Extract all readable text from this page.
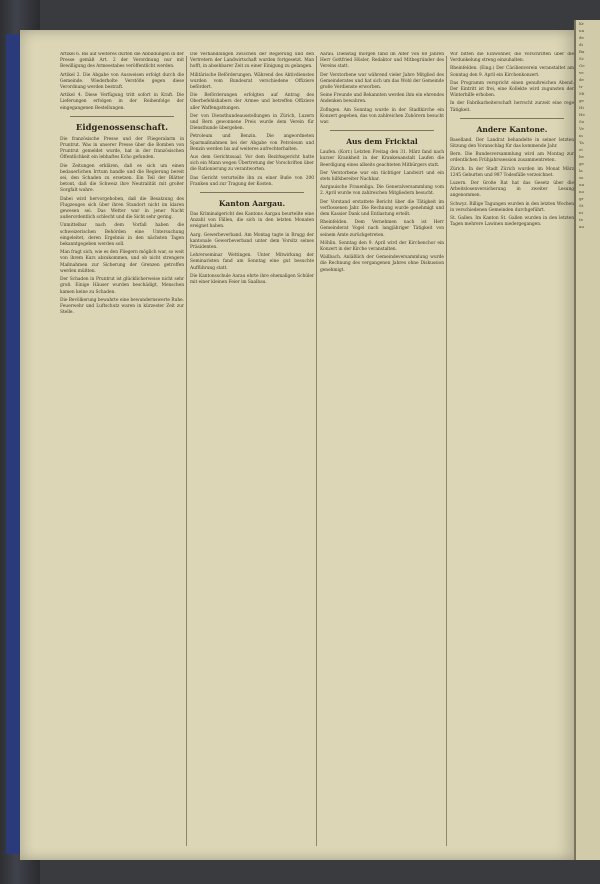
Kr
un
de
di
Ba
Sc
Ge
ve
de
tr
Mi
ge
Hi
He
So
Ve
in
Ta
ei
be
ge
la
so
un
no
gr
St
ni
te
au

Artikel 6. Bis auf weiteres dürfen die Abbildungen in der Presse gemäß Art. 2 der Verordnung nur mit Bewilligung des Armeestabes veröffentlicht werden.

Artikel 2. Die Abgabe von Ausweisen erfolgt durch die Gemeinde. Wiederholte Verstöße gegen diese Verordnung werden bestraft.

Artikel 4. Diese Verfügung tritt sofort in Kraft. Die Lieferungen erfolgen in der Reihenfolge der eingegangenen Bestellungen.

Eidgenossenschaft.

Die französische Presse und der Fliegeralarm in Pruntrut. Was in unserer Presse über die Bomben von Pruntrut gemeldet wurde, hat in der französischen Öffentlichkeit ein lebhaftes Echo gefunden.

Die Zeitungen erklären, daß es sich um einen bedauerlichen Irrtum handle und die Regierung bereit sei, den Schaden zu ersetzen. Ein Teil der Blätter betont, daß die Schweiz ihre Neutralität mit großer Sorgfalt wahre.

Dabei wird hervorgehoben, daß die Besatzung des Flugzeuges sich über ihren Standort nicht im klaren gewesen sei. Das Wetter war in jener Nacht außerordentlich schlecht und die Sicht sehr gering.

Unmittelbar nach dem Vorfall haben die schweizerischen Behörden eine Untersuchung eingeleitet, deren Ergebnis in den nächsten Tagen bekanntgegeben werden soll.

Man fragt sich, wie es den Fliegern möglich war, so weit von ihrem Kurs abzukommen, und ob nicht strengere Maßnahmen zur Sicherung der Grenzen getroffen werden müßten.

Der Schaden in Pruntrut ist glücklicherweise nicht sehr groß. Einige Häuser wurden beschädigt, Menschen kamen keine zu Schaden.

Die Bevölkerung bewahrte eine bewundernswerte Ruhe. Feuerwehr und Luftschutz waren in kürzester Zeit zur Stelle.

Die Verhandlungen zwischen der Regierung und den Vertretern der Landwirtschaft wurden fortgesetzt. Man hofft, in absehbarer Zeit zu einer Einigung zu gelangen.

Militärische Beförderungen. Während des Aktivdienstes wurden vom Bundesrat verschiedene Offiziere befördert.

Die Beförderungen erfolgten auf Antrag des Oberbefehlshabers der Armee und betreffen Offiziere aller Waffengattungen.

Der von Diensthundeausstellungen in Zürich, Luzern und Bern gewonnene Preis wurde dem Verein für Diensthunde übergeben.

Petroleum und Benzin. Die angeordneten Sparmaßnahmen bei der Abgabe von Petroleum und Benzin werden bis auf weiteres aufrechterhalten.

Aus dem Gerichtssaal. Vor dem Bezirksgericht hatte sich ein Mann wegen Übertretung der Vorschriften über die Rationierung zu verantworten.

Das Gericht verurteilte ihn zu einer Buße von 200 Franken und zur Tragung der Kosten.

Kanton Aargau.

Das Kriminalgericht des Kantons Aargau beurteilte eine Anzahl von Fällen, die sich in den letzten Monaten ereignet haben.

Aarg. Gewerbeverband. Am Montag tagte in Brugg der kantonale Gewerbeverband unter dem Vorsitz seines Präsidenten.

Lehrerseminar Wettingen. Unter Mitwirkung der Seminaristen fand am Sonntag eine gut besuchte Aufführung statt.

Die Kantonsschule Aarau ehrte ihre ehemaligen Schüler mit einer kleinen Feier im Saalbau.

Aarau. Dienstag morgen fand im Alter von 68 Jahren Herr Gottfried Hüsler, Redaktor und Mitbegründer des Vereins statt.

Der Verstorbene war während vieler Jahre Mitglied des Gemeinderates und hat sich um das Wohl der Gemeinde große Verdienste erworben.

Seine Freunde und Bekannten werden ihm ein ehrendes Andenken bewahren.

Zofingen. Am Sonntag wurde in der Stadtkirche ein Konzert gegeben, das von zahlreichen Zuhörern besucht war.

Aus dem Fricktal

Laufen. (Korr.) Letzten Freitag den 31. März fand nach kurzer Krankheit in der Krankenanstalt Laufen die Beerdigung eines allseits geachteten Mitbürgers statt.

Der Verstorbene war ein tüchtiger Landwirt und ein stets hilfsbereiter Nachbar.

Aargauische Frauenliga. Die Generalversammlung vom 2. April wurde von zahlreichen Mitgliedern besucht.

Der Vorstand erstattete Bericht über die Tätigkeit im verflossenen Jahr. Die Rechnung wurde genehmigt und dem Kassier Dank und Entlastung erteilt.

Rheinfelden. Dem Vernehmen nach ist Herr Gemeinderat Vogel nach langjähriger Tätigkeit von seinem Amte zurückgetreten.

Möhlin. Sonntag den 9. April wird der Kirchenchor ein Konzert in der Kirche veranstalten.

Wallbach. Anläßlich der Gemeindeversammlung wurde die Rechnung des vergangenen Jahres ohne Diskussion genehmigt.

Wir bitten die Einwohner, die Vorschriften über die Verdunkelung streng einzuhalten.

Rheinfelden. (Eing.) Der Cäcilienverein veranstaltet am Sonntag den 9. April ein Kirchenkonzert.

Das Programm verspricht einen genußreichen Abend. Der Eintritt ist frei, eine Kollekte wird zugunsten der Winterhilfe erhoben.

In der Fabrikarbeiterschaft herrscht zurzeit eine rege Tätigkeit.

Andere Kantone.

Baselland. Der Landrat behandelte in seiner letzten Sitzung den Voranschlag für das kommende Jahr.

Bern. Die Bundesversammlung wird am Montag zur ordentlichen Frühjahrssession zusammentreten.

Zürich. In der Stadt Zürich wurden im Monat März 1245 Geburten und 987 Todesfälle verzeichnet.

Luzern. Der Große Rat hat das Gesetz über die Arbeitslosenversicherung in zweiter Lesung angenommen.

Schwyz. Billige Tagungen wurden in den letzten Wochen in verschiedenen Gemeinden durchgeführt.

St. Gallen. Im Kanton St. Gallen wurden in den letzten Tagen mehrere Lawinen niedergegangen.
